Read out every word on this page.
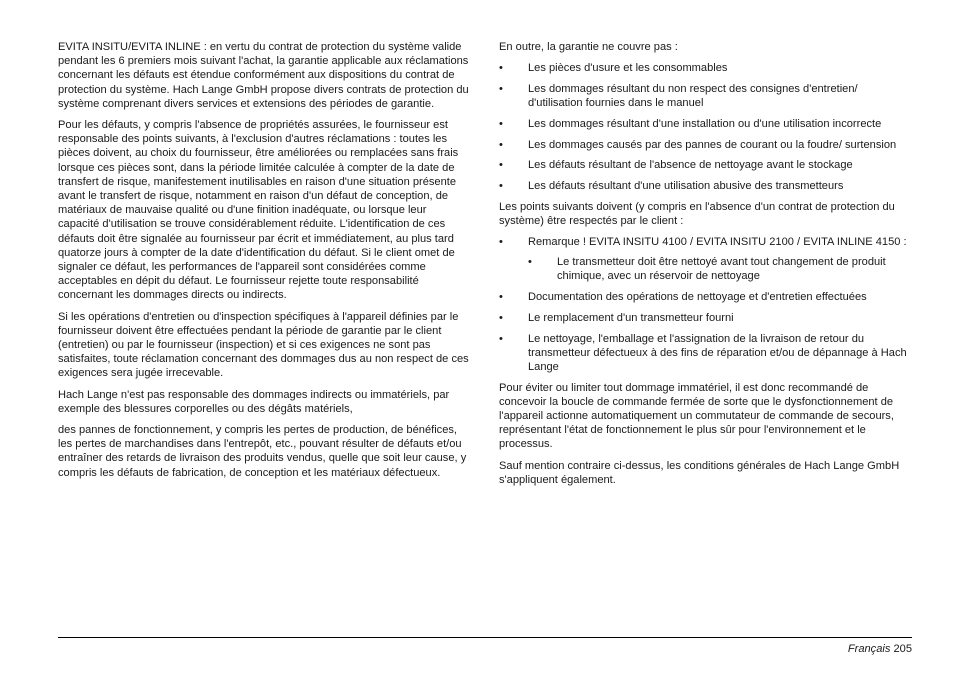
EVITA INSITU/EVITA INLINE : en vertu du contrat de protection du système valide pendant les 6 premiers mois suivant l'achat, la garantie applicable aux réclamations concernant les défauts est étendue conformément aux dispositions du contrat de protection du système. Hach Lange GmbH propose divers contrats de protection du système comprenant divers services et extensions des périodes de garantie.

Pour les défauts, y compris l'absence de propriétés assurées, le fournisseur est responsable des points suivants, à l'exclusion d'autres réclamations : toutes les pièces doivent, au choix du fournisseur, être améliorées ou remplacées sans frais lorsque ces pièces sont, dans la période limitée calculée à compter de la date de transfert de risque, manifestement inutilisables en raison d'une situation présente avant le transfert de risque, notamment en raison d'un défaut de conception, de matériaux de mauvaise qualité ou d'une finition inadéquate, ou lorsque leur capacité d'utilisation se trouve considérablement réduite. L'identification de ces défauts doit être signalée au fournisseur par écrit et immédiatement, au plus tard quatorze jours à compter de la date d'identification du défaut. Si le client omet de signaler ce défaut, les performances de l'appareil sont considérées comme acceptables en dépit du défaut. Le fournisseur rejette toute responsabilité concernant les dommages directs ou indirects.

Si les opérations d'entretien ou d'inspection spécifiques à l'appareil définies par le fournisseur doivent être effectuées pendant la période de garantie par le client (entretien) ou par le fournisseur (inspection) et si ces exigences ne sont pas satisfaites, toute réclamation concernant des dommages dus au non respect de ces exigences sera jugée irrecevable.

Hach Lange n'est pas responsable des dommages indirects ou immatériels, par exemple des blessures corporelles ou des dégâts matériels,

des pannes de fonctionnement, y compris les pertes de production, de bénéfices, les pertes de marchandises dans l'entrepôt, etc., pouvant résulter de défauts et/ou entraîner des retards de livraison des produits vendus, quelle que soit leur cause, y compris les défauts de fabrication, de conception et les matériaux défectueux.

En outre, la garantie ne couvre pas :

• Les pièces d'usure et les consommables
• Les dommages résultant du non respect des consignes d'entretien/ d'utilisation fournies dans le manuel
• Les dommages résultant d'une installation ou d'une utilisation incorrecte
• Les dommages causés par des pannes de courant ou la foudre/ surtension
• Les défauts résultant de l'absence de nettoyage avant le stockage
• Les défauts résultant d'une utilisation abusive des transmetteurs

Les points suivants doivent (y compris en l'absence d'un contrat de protection du système) être respectés par le client :

• Remarque ! EVITA INSITU 4100 / EVITA INSITU 2100 / EVITA INLINE 4150 :
• Le transmetteur doit être nettoyé avant tout changement de produit chimique, avec un réservoir de nettoyage
• Documentation des opérations de nettoyage et d'entretien effectuées
• Le remplacement d'un transmetteur fourni
• Le nettoyage, l'emballage et l'assignation de la livraison de retour du transmetteur défectueux à des fins de réparation et/ou de dépannage à Hach Lange

Pour éviter ou limiter tout dommage immatériel, il est donc recommandé de concevoir la boucle de commande fermée de sorte que le dysfonctionnement de l'appareil actionne automatiquement un commutateur de commande de secours, représentant l'état de fonctionnement le plus sûr pour l'environnement et le processus.

Sauf mention contraire ci-dessus, les conditions générales de Hach Lange GmbH s'appliquent également.

Français 205
